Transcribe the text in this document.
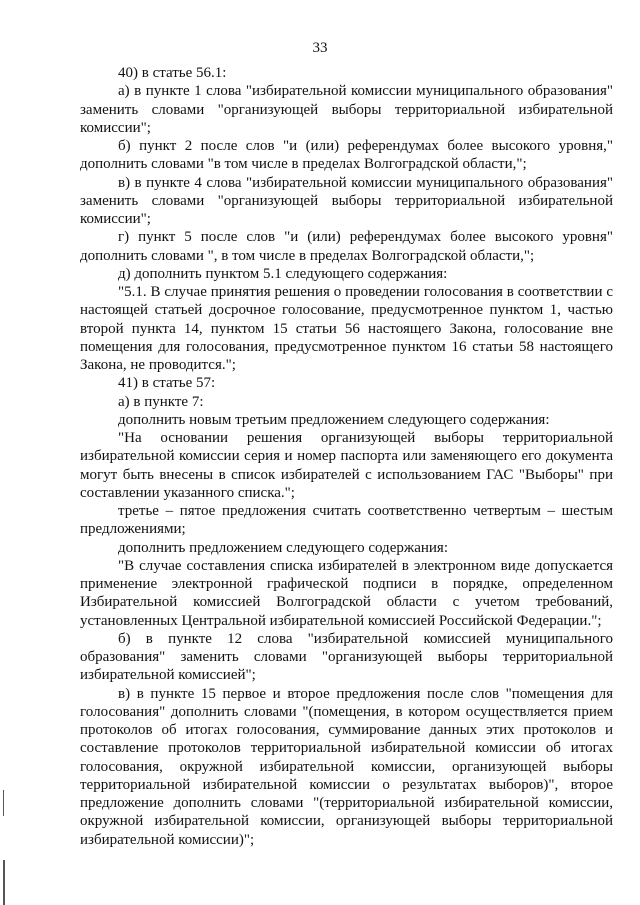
33

40) в статье 56.1:

а) в пункте 1 слова "избирательной комиссии муниципального образования" заменить словами "организующей выборы территориальной избирательной комиссии";

б) пункт 2 после слов "и (или) референдумах более высокого уровня," дополнить словами "в том числе в пределах Волгоградской области,";

в) в пункте 4 слова "избирательной комиссии муниципального образования" заменить словами "организующей выборы территориальной избирательной комиссии";

г) пункт 5 после слов "и (или) референдумах более высокого уровня" дополнить словами ", в том числе в пределах Волгоградской области,";

д) дополнить пунктом 5.1 следующего содержания:

"5.1. В случае принятия решения о проведении голосования в соответствии с настоящей статьей досрочное голосование, предусмотренное пунктом 1, частью второй пункта 14, пунктом 15 статьи 56 настоящего Закона, голосование вне помещения для голосования, предусмотренное пунктом 16 статьи 58 настоящего Закона, не проводится.";

41) в статье 57:

а) в пункте 7:

дополнить новым третьим предложением следующего содержания:

"На основании решения организующей выборы территориальной избирательной комиссии серия и номер паспорта или заменяющего его документа могут быть внесены в список избирателей с использованием ГАС "Выборы" при составлении указанного списка.";

третье – пятое предложения считать соответственно четвертым – шестым предложениями;

дополнить предложением следующего содержания:

"В случае составления списка избирателей в электронном виде допускается применение электронной графической подписи в порядке, определенном Избирательной комиссией Волгоградской области с учетом требований, установленных Центральной избирательной комиссией Российской Федерации.";

б) в пункте 12 слова "избирательной комиссией муниципального образования" заменить словами "организующей выборы территориальной избирательной комиссией";

в) в пункте 15 первое и второе предложения после слов "помещения для голосования" дополнить словами "(помещения, в котором осуществляется прием протоколов об итогах голосования, суммирование данных этих протоколов и составление протоколов территориальной избирательной комиссии об итогах голосования, окружной избирательной комиссии, организующей выборы территориальной избирательной комиссии о результатах выборов)", второе предложение дополнить словами "(территориальной избирательной комиссии, окружной избирательной комиссии, организующей выборы территориальной избирательной комиссии)";
